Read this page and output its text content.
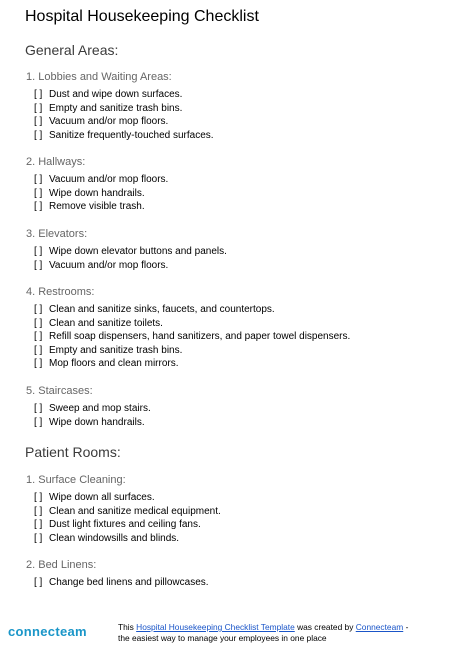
Hospital Housekeeping Checklist
General Areas:
1. Lobbies and Waiting Areas:
[ ] Dust and wipe down surfaces.
[ ] Empty and sanitize trash bins.
[ ] Vacuum and/or mop floors.
[ ] Sanitize frequently-touched surfaces.
2. Hallways:
[ ] Vacuum and/or mop floors.
[ ] Wipe down handrails.
[ ] Remove visible trash.
3. Elevators:
[ ] Wipe down elevator buttons and panels.
[ ] Vacuum and/or mop floors.
4. Restrooms:
[ ] Clean and sanitize sinks, faucets, and countertops.
[ ] Clean and sanitize toilets.
[ ] Refill soap dispensers, hand sanitizers, and paper towel dispensers.
[ ] Empty and sanitize trash bins.
[ ] Mop floors and clean mirrors.
5. Staircases:
[ ] Sweep and mop stairs.
[ ] Wipe down handrails.
Patient Rooms:
1. Surface Cleaning:
[ ] Wipe down all surfaces.
[ ] Clean and sanitize medical equipment.
[ ] Dust light fixtures and ceiling fans.
[ ] Clean windowsills and blinds.
2. Bed Linens:
[ ] Change bed linens and pillowcases.
connecteam	This Hospital Housekeeping Checklist Template was created by Connecteam -
the easiest way to manage your employees in one place
